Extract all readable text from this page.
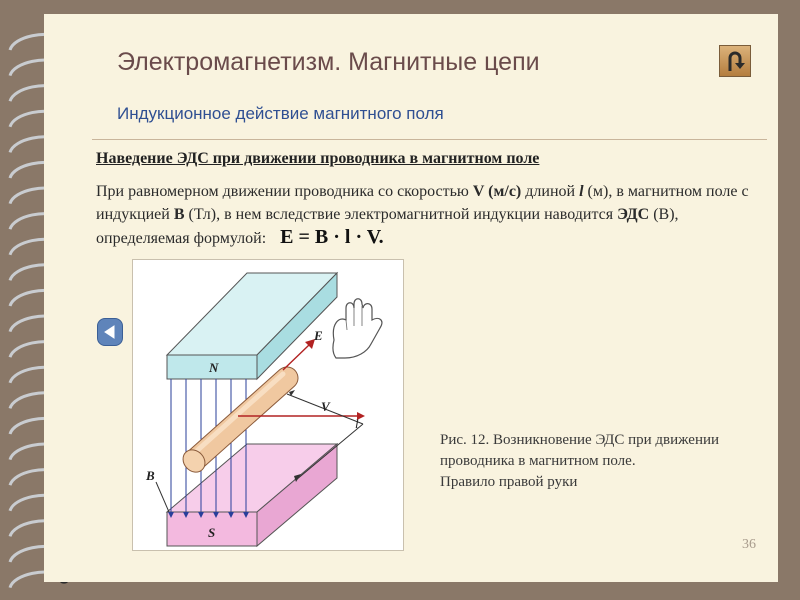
Электромагнетизм. Магнитные цепи
Индукционное действие магнитного поля
Наведение ЭДС при движении проводника в магнитном поле
При равномерном движении проводника со скоростью V (м/с) длиной l (м), в магнитном поле с индукцией B (Тл), в нем вследствие электромагнитной индукции наводится ЭДС (В), определяемая формулой: E = B · l · V.
N
S
E
V
l
B
Рис. 12. Возникновение ЭДС при движении
проводника в магнитном поле.
Правило правой руки
36
